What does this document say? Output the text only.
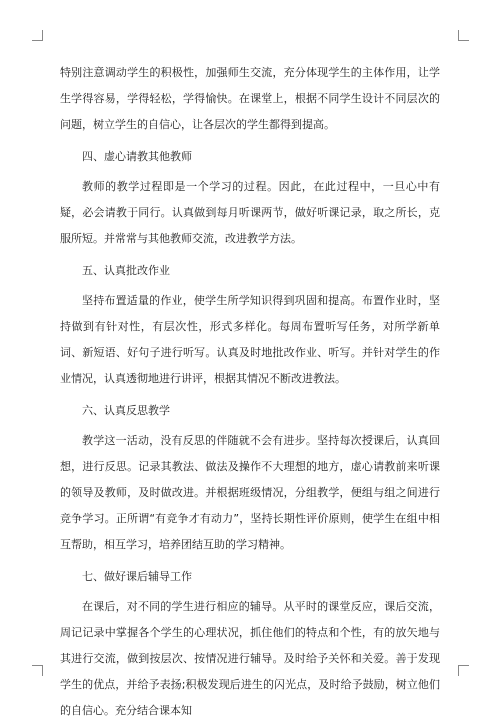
特别注意调动学生的积极性，加强师生交流，充分体现学生的主体作用，让学生学得容易，学得轻松，学得愉快。在课堂上，根据不同学生设计不同层次的问题，树立学生的自信心，让各层次的学生都得到提高。

四、虚心请教其他教师

教师的教学过程即是一个学习的过程。因此，在此过程中，一旦心中有疑，必会请教于同行。认真做到每月听课两节，做好听课记录，取之所长，克服所短。并常常与其他教师交流，改进教学方法。

五、认真批改作业

坚持布置适量的作业，使学生所学知识得到巩固和提高。布置作业时，坚持做到有针对性，有层次性，形式多样化。每周布置听写任务，对所学新单词、新短语、好句子进行听写。认真及时地批改作业、听写。并针对学生的作业情况，认真透彻地进行讲评，根据其情况不断改进教法。

六、认真反思教学

教学这一活动，没有反思的伴随就不会有进步。坚持每次授课后，认真回想，进行反思。记录其教法、做法及操作不大理想的地方，虚心请教前来听课的领导及教师，及时做改进。并根据班级情况，分组教学，便组与组之间进行竞争学习。正所谓“有竞争才有动力”，坚持长期性评价原则，使学生在组中相互帮助，相互学习，培养团结互助的学习精神。

七、做好课后辅导工作

在课后，对不同的学生进行相应的辅导。从平时的课堂反应，课后交流，周记记录中掌握各个学生的心理状况，抓住他们的特点和个性，有的放矢地与其进行交流，做到按层次、按情况进行辅导。及时给予关怀和关爱。善于发现学生的优点，并给予表扬;积极发现后进生的闪光点，及时给予鼓励，树立他们的自信心。充分结合课本知
